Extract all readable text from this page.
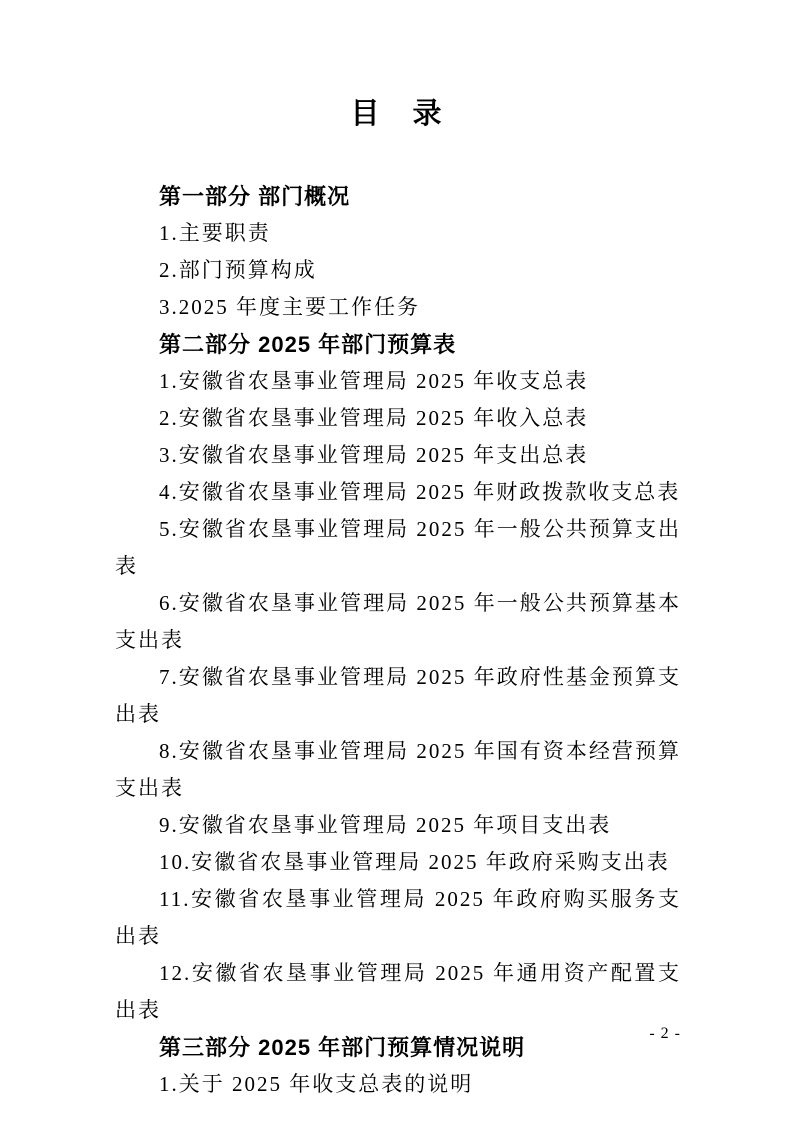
目　录

第一部分 部门概况

1.主要职责

2.部门预算构成

3.2025 年度主要工作任务

第二部分 2025 年部门预算表

1.安徽省农垦事业管理局 2025 年收支总表

2.安徽省农垦事业管理局 2025 年收入总表

3.安徽省农垦事业管理局 2025 年支出总表

4.安徽省农垦事业管理局 2025 年财政拨款收支总表

5.安徽省农垦事业管理局 2025 年一般公共预算支出表

6.安徽省农垦事业管理局 2025 年一般公共预算基本支出表

7.安徽省农垦事业管理局 2025 年政府性基金预算支出表

8.安徽省农垦事业管理局 2025 年国有资本经营预算支出表

9.安徽省农垦事业管理局 2025 年项目支出表

10.安徽省农垦事业管理局 2025 年政府采购支出表

11.安徽省农垦事业管理局 2025 年政府购买服务支出表

12.安徽省农垦事业管理局 2025 年通用资产配置支出表

第三部分 2025 年部门预算情况说明

1.关于 2025 年收支总表的说明

- 2 -
